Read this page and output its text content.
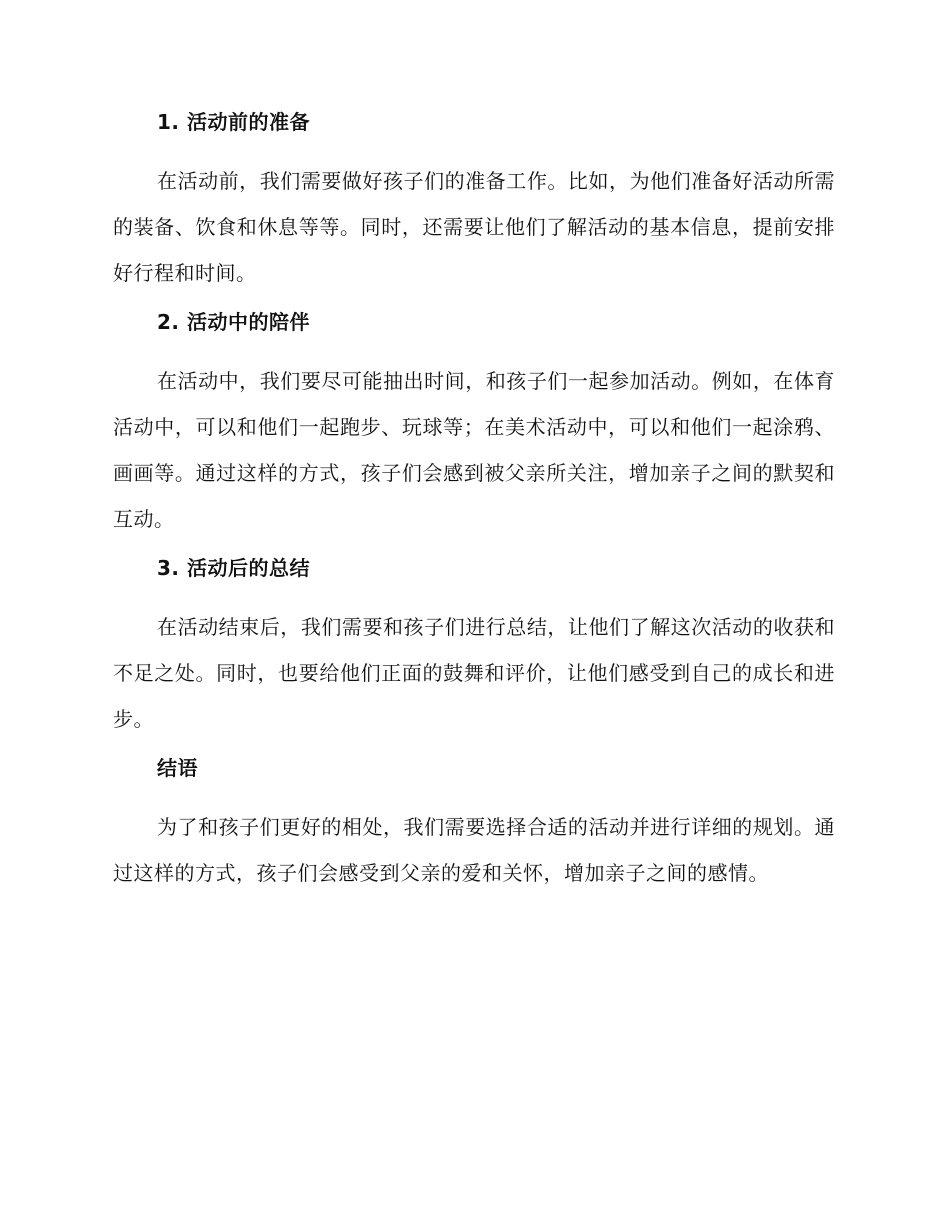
1. 活动前的准备

在活动前，我们需要做好孩子们的准备工作。比如，为他们准备好活动所需的装备、饮食和休息等等。同时，还需要让他们了解活动的基本信息，提前安排好行程和时间。

2. 活动中的陪伴

在活动中，我们要尽可能抽出时间，和孩子们一起参加活动。例如，在体育活动中，可以和他们一起跑步、玩球等；在美术活动中，可以和他们一起涂鸦、画画等。通过这样的方式，孩子们会感到被父亲所关注，增加亲子之间的默契和互动。

3. 活动后的总结

在活动结束后，我们需要和孩子们进行总结，让他们了解这次活动的收获和不足之处。同时，也要给他们正面的鼓舞和评价，让他们感受到自己的成长和进步。

结语

为了和孩子们更好的相处，我们需要选择合适的活动并进行详细的规划。通过这样的方式，孩子们会感受到父亲的爱和关怀，增加亲子之间的感情。
